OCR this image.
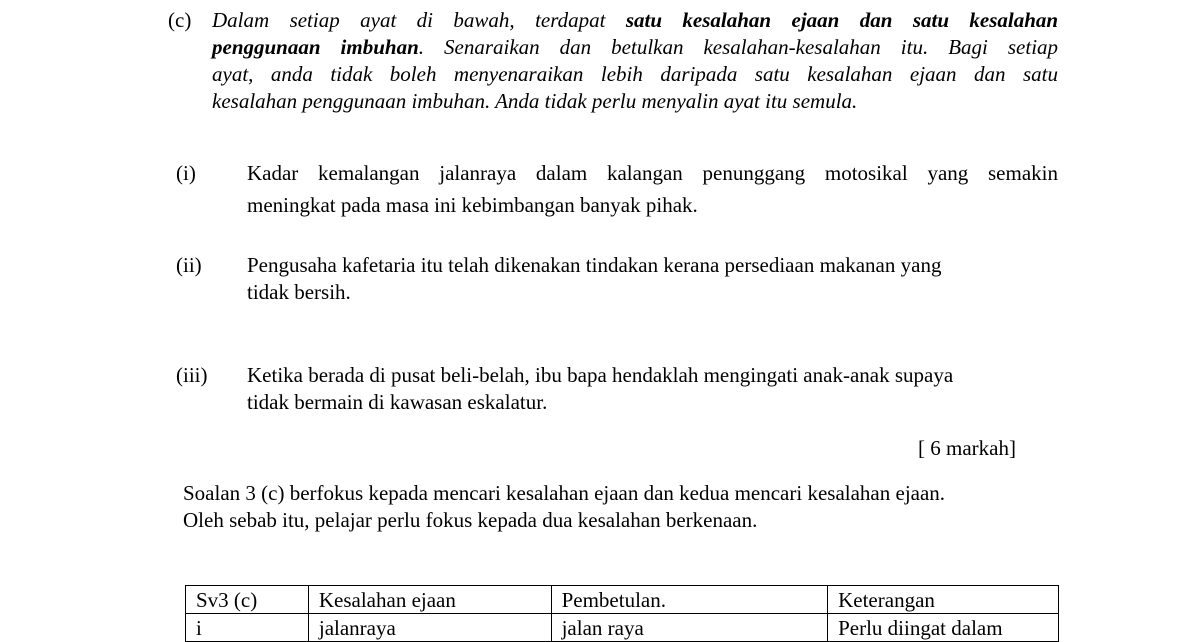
(c) Dalam setiap ayat di bawah, terdapat satu kesalahan ejaan dan satu kesalahan
penggunaan imbuhan. Senaraikan dan betulkan kesalahan-kesalahan itu. Bagi setiap
ayat, anda tidak boleh menyenaraikan lebih daripada satu kesalahan ejaan dan satu
kesalahan penggunaan imbuhan. Anda tidak perlu menyalin ayat itu semula.
(i) Kadar kemalangan jalanraya dalam kalangan penunggang motosikal yang semakin
meningkat pada masa ini kebimbangan banyak pihak.
(ii) Pengusaha kafetaria itu telah dikenakan tindakan kerana persediaan makanan yang
tidak bersih.
(iii) Ketika berada di pusat beli-belah, ibu bapa hendaklah mengingati anak-anak supaya
tidak bermain di kawasan eskalatur.
[ 6 markah]
Soalan 3 (c) berfokus kepada mencari kesalahan ejaan dan kedua mencari kesalahan ejaan.
Oleh sebab itu, pelajar perlu fokus kepada dua kesalahan berkenaan.
Sv3 (c)	Kesalahan ejaan	Pembetulan.	Keterangan
i	jalanraya	jalan raya	Perlu diingat dalam
